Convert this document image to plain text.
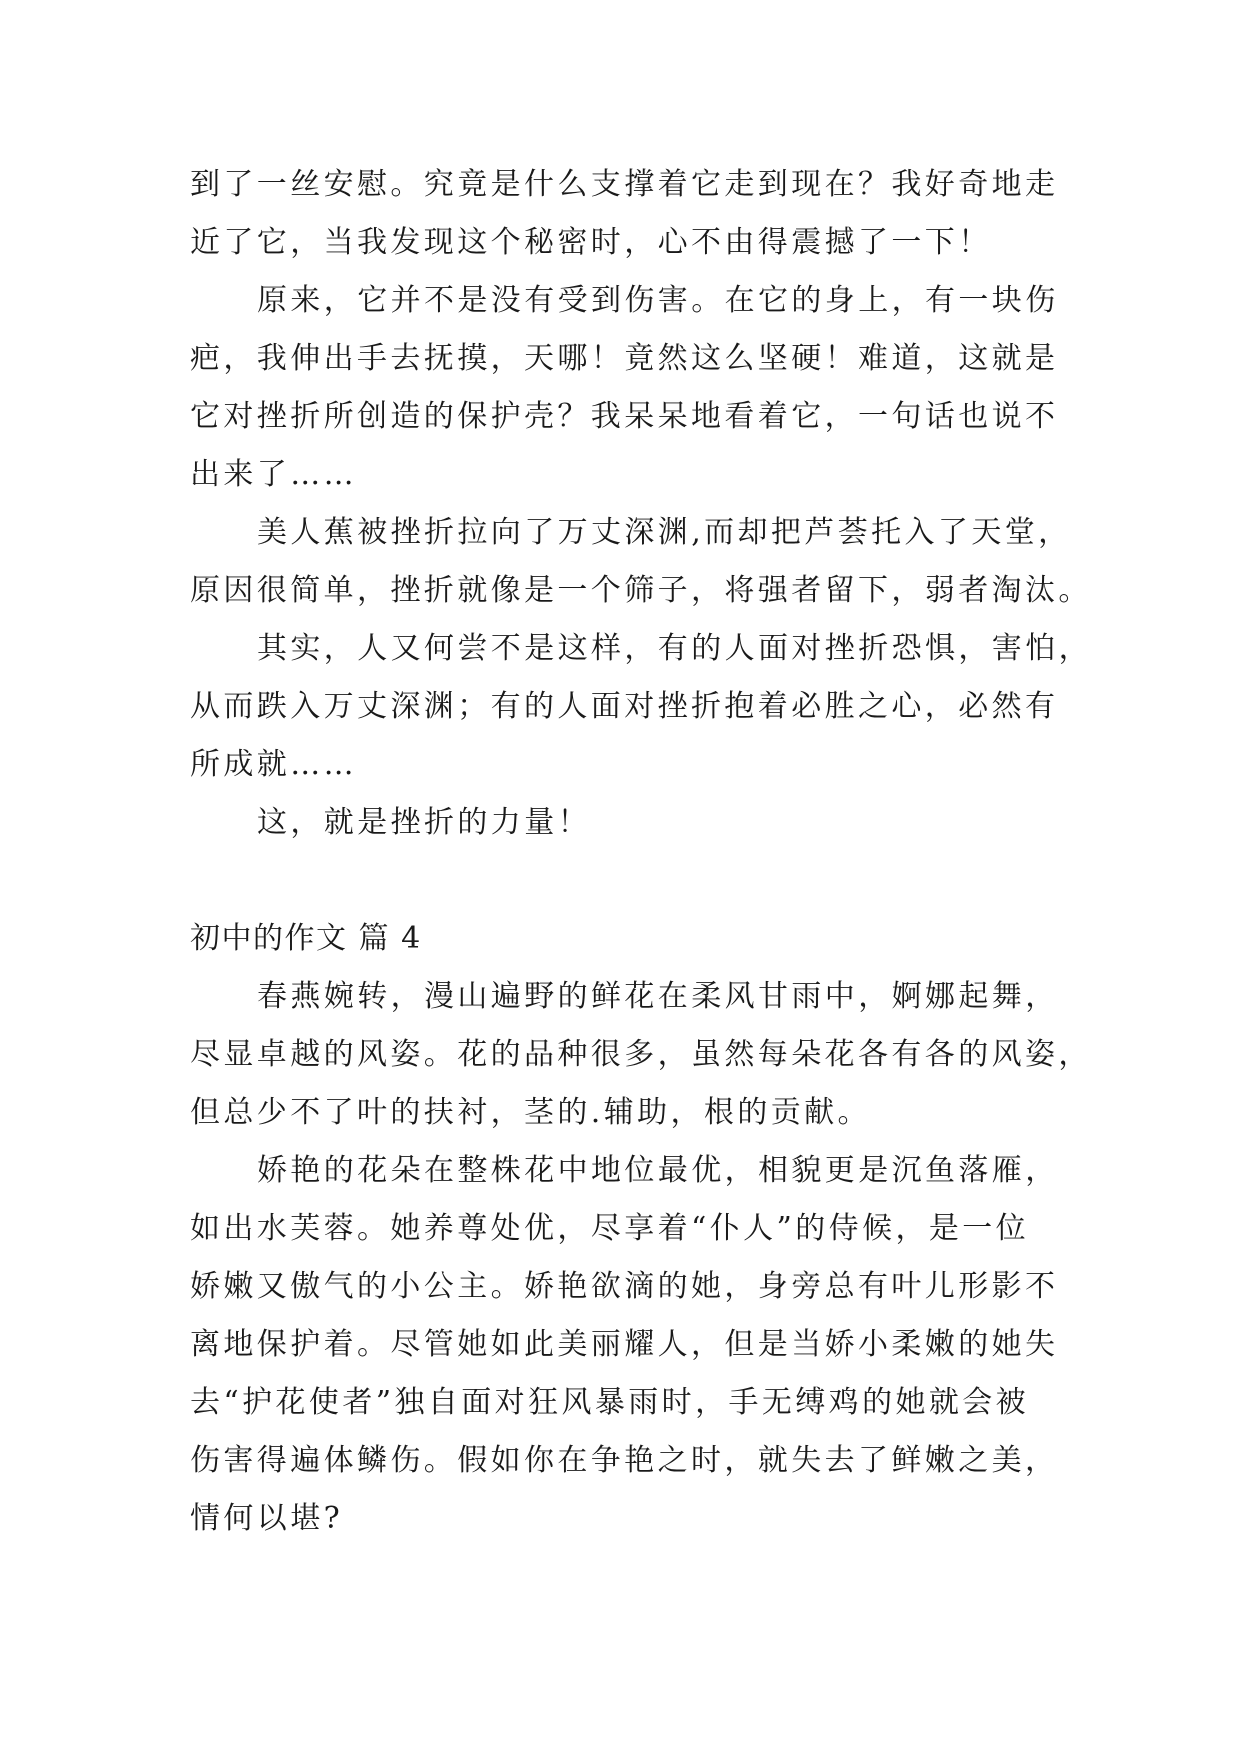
到了一丝安慰。究竟是什么支撑着它走到现在？我好奇地走
近了它，当我发现这个秘密时，心不由得震撼了一下！
原来，它并不是没有受到伤害。在它的身上，有一块伤
疤，我伸出手去抚摸，天哪！竟然这么坚硬！难道，这就是
它对挫折所创造的保护壳？我呆呆地看着它，一句话也说不
出来了……
美人蕉被挫折拉向了万丈深渊,而却把芦荟托入了天堂，
原因很简单，挫折就像是一个筛子，将强者留下，弱者淘汰。
其实，人又何尝不是这样，有的人面对挫折恐惧，害怕，
从而跌入万丈深渊；有的人面对挫折抱着必胜之心，必然有
所成就……
这，就是挫折的力量！
初中的作文 篇 4
春燕婉转，漫山遍野的鲜花在柔风甘雨中，婀娜起舞，
尽显卓越的风姿。花的品种很多，虽然每朵花各有各的风姿，
但总少不了叶的扶衬，茎的.辅助，根的贡献。
娇艳的花朵在整株花中地位最优，相貌更是沉鱼落雁，
如出水芙蓉。她养尊处优，尽享着“仆人”的侍候，是一位
娇嫩又傲气的小公主。娇艳欲滴的她，身旁总有叶儿形影不
离地保护着。尽管她如此美丽耀人，但是当娇小柔嫩的她失
去“护花使者”独自面对狂风暴雨时，手无缚鸡的她就会被
伤害得遍体鳞伤。假如你在争艳之时，就失去了鲜嫩之美，
情何以堪?
